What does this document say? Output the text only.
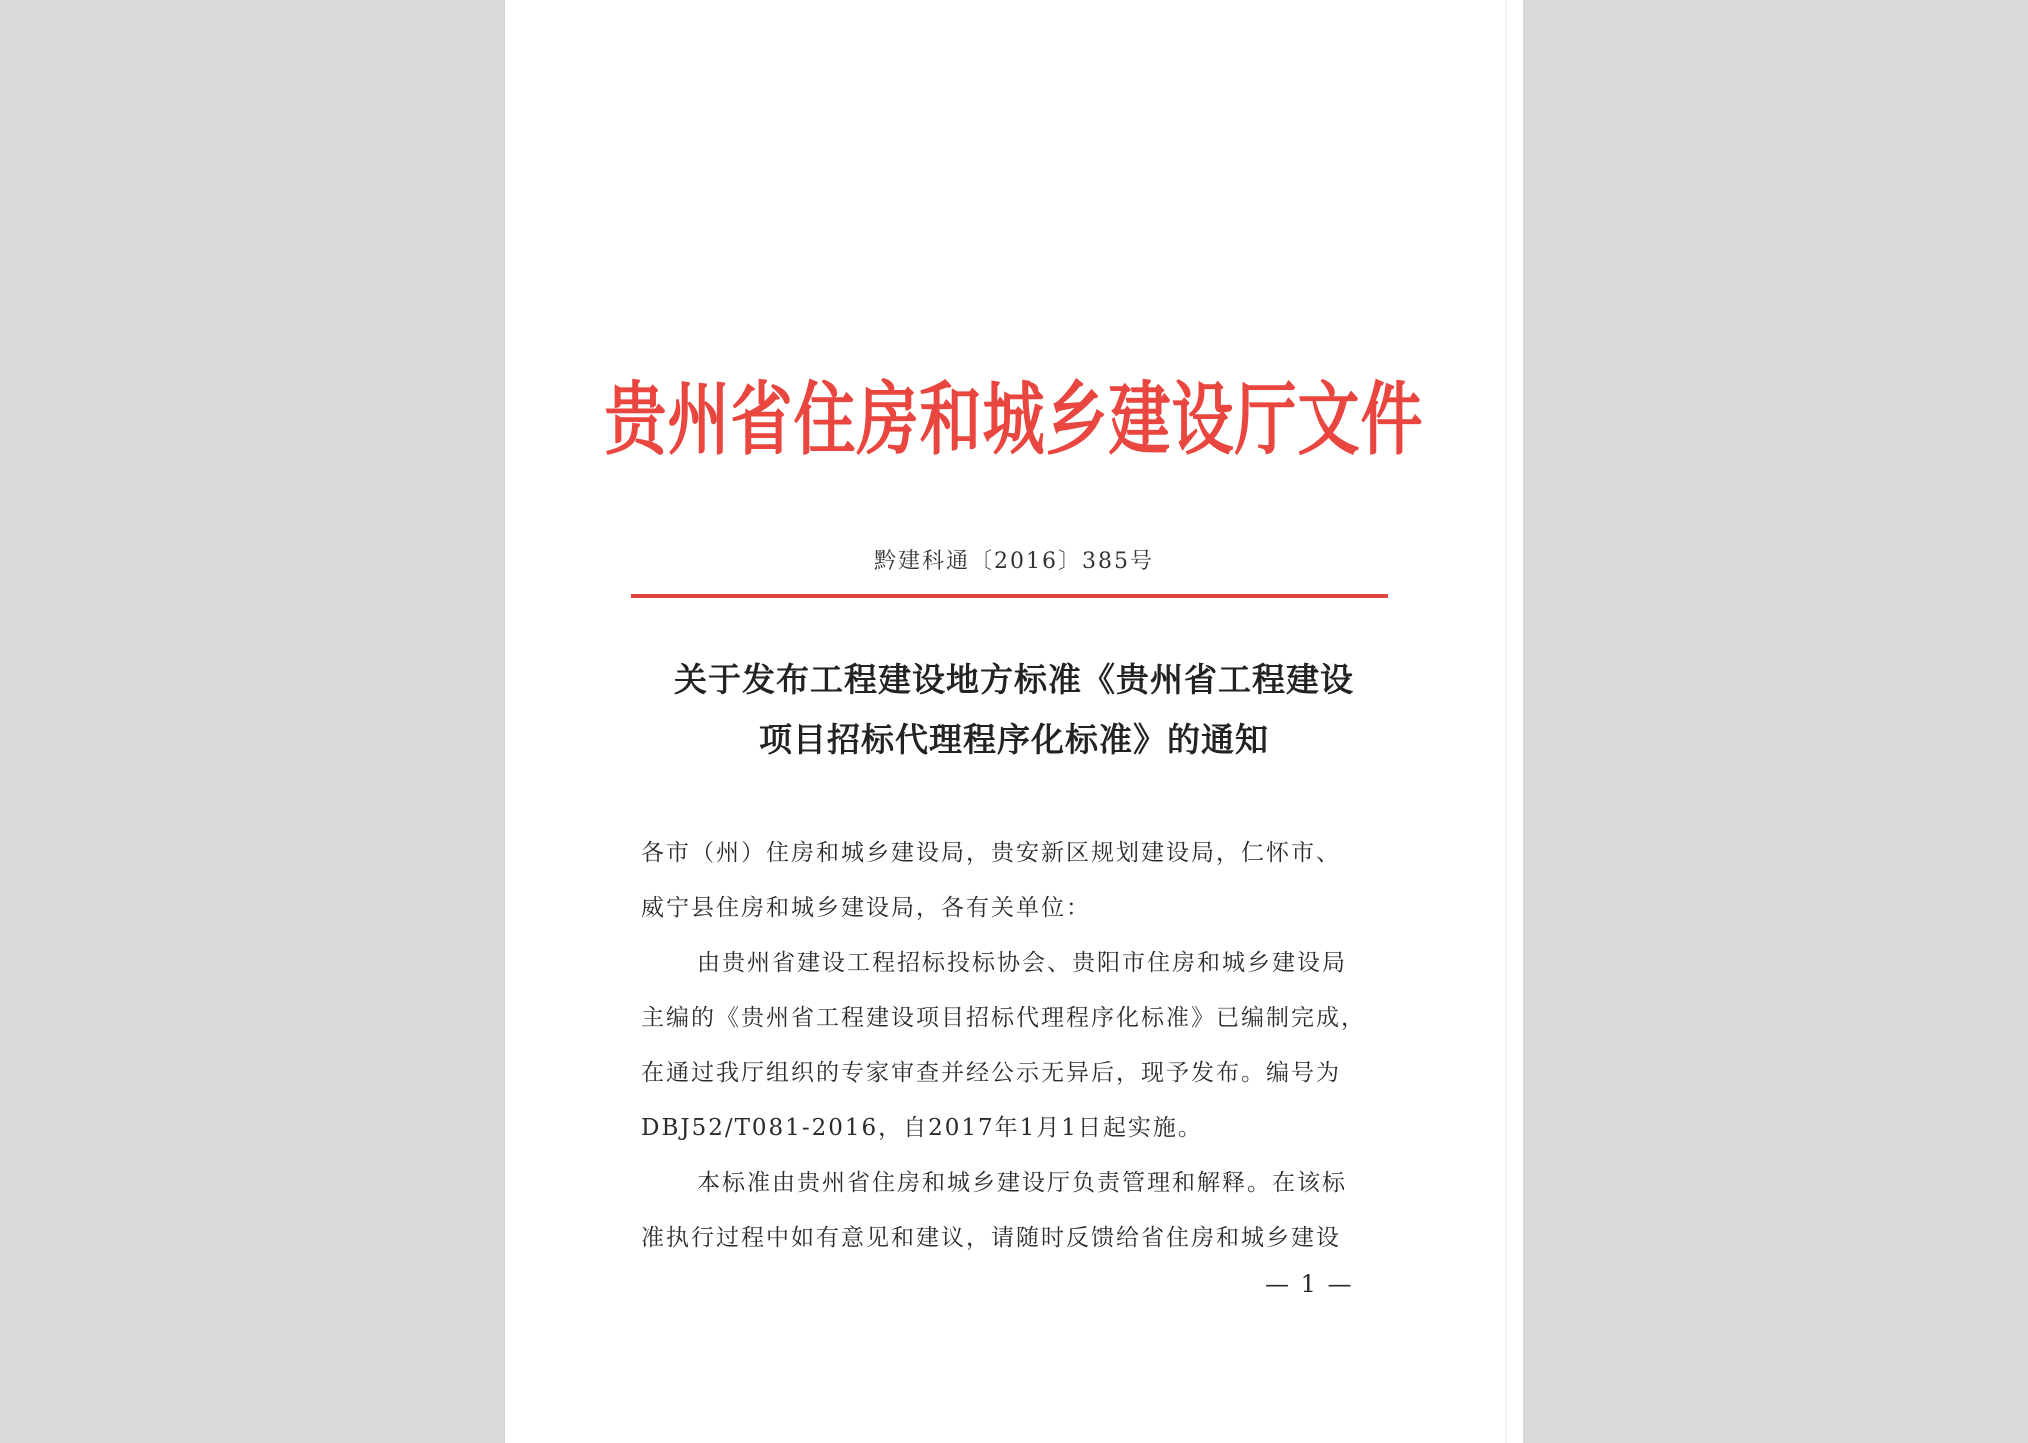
贵州省住房和城乡建设厅文件
黔建科通〔2016〕385号
关于发布工程建设地方标准《贵州省工程建设
项目招标代理程序化标准》的通知
各市（州）住房和城乡建设局，贵安新区规划建设局，仁怀市、
威宁县住房和城乡建设局，各有关单位：
由贵州省建设工程招标投标协会、贵阳市住房和城乡建设局
主编的《贵州省工程建设项目招标代理程序化标准》已编制完成，
在通过我厅组织的专家审查并经公示无异后，现予发布。编号为
DBJ52/T081-2016，自2017年1月1日起实施。
本标准由贵州省住房和城乡建设厅负责管理和解释。在该标
准执行过程中如有意见和建议，请随时反馈给省住房和城乡建设
— 1 —
